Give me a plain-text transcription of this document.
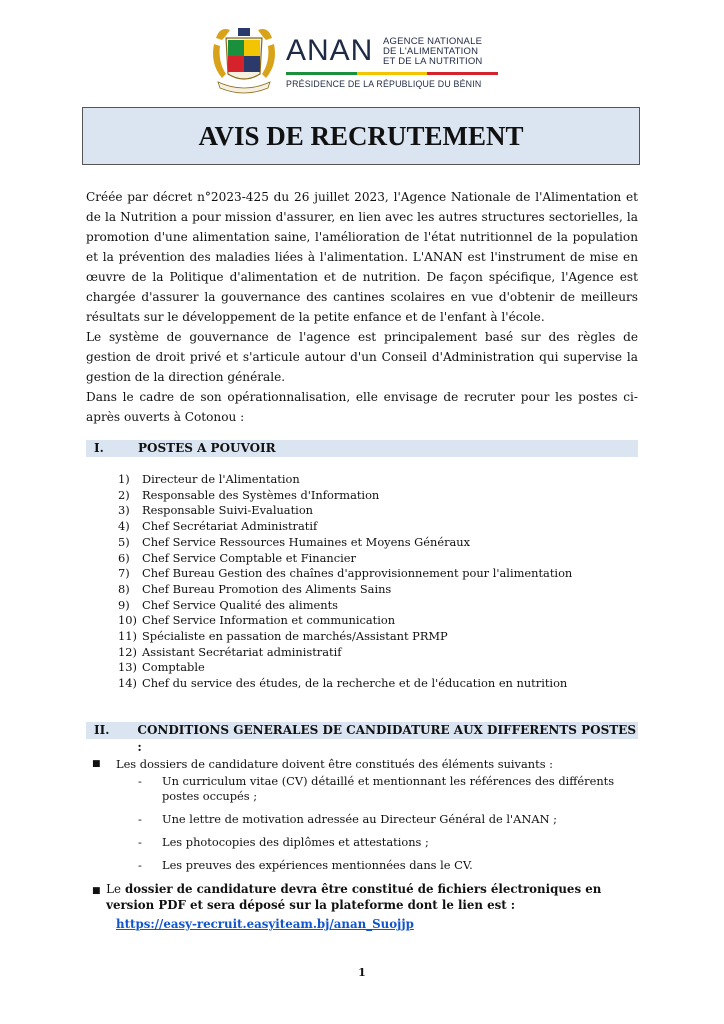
ANAN AGENCE NATIONALE
DE L'ALIMENTATION
ET DE LA NUTRITION
PRÉSIDENCE DE LA RÉPUBLIQUE DU BÉNIN
AVIS DE RECRUTEMENT

Créée par décret n°2023-425 du 26 juillet 2023, l'Agence Nationale de l'Alimentation et de la Nutrition a pour mission d'assurer, en lien avec les autres structures sectorielles, la promotion d'une alimentation saine, l'amélioration de l'état nutritionnel de la population et la prévention des maladies liées à l'alimentation. L'ANAN est l'instrument de mise en œuvre de la Politique d'alimentation et de nutrition. De façon spécifique, l'Agence est chargée d'assurer la gouvernance des cantines scolaires en vue d'obtenir de meilleurs résultats sur le développement de la petite enfance et de l'enfant à l'école.

Le système de gouvernance de l'agence est principalement basé sur des règles de gestion de droit privé et s'articule autour d'un Conseil d'Administration qui supervise la gestion de la direction générale.

Dans le cadre de son opérationnalisation, elle envisage de recruter pour les postes ci-après ouverts à Cotonou :

I.	POSTES A POUVOIR
1)	Directeur de l'Alimentation
2)	Responsable des Systèmes d'Information
3)	Responsable Suivi-Evaluation
4)	Chef Secrétariat Administratif
5)	Chef Service Ressources Humaines et Moyens Généraux
6)	Chef Service Comptable et Financier
7)	Chef Bureau Gestion des chaînes d'approvisionnement pour l'alimentation
8)	Chef Bureau Promotion des Aliments Sains
9)	Chef Service Qualité des aliments
10) Chef Service Information et communication
11) Spécialiste en passation de marchés/Assistant PRMP
12) Assistant Secrétariat administratif
13) Comptable
14) Chef du service des études, de la recherche et de l'éducation en nutrition
II.	CONDITIONS GENERALES DE CANDIDATURE AUX DIFFERENTS POSTES :
■	Les dossiers de candidature doivent être constitués des éléments suivants :
-	Un curriculum vitae (CV) détaillé et mentionnant les références des différents postes occupés ;
-	Une lettre de motivation adressée au Directeur Général de l'ANAN ;
-	Les photocopies des diplômes et attestations ;
-	Les preuves des expériences mentionnées dans le CV.
■ Le dossier de candidature devra être constitué de fichiers électroniques en version PDF et sera déposé sur la plateforme dont le lien est :
https://easy-recruit.easyiteam.bj/anan_Suojjp
1
